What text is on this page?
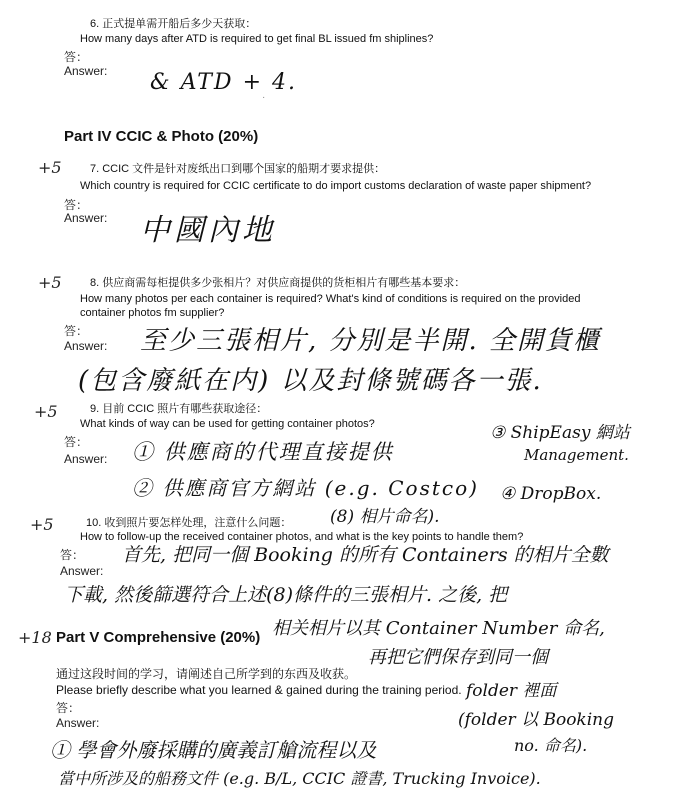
6. 正式提单需开船后多少天获取：
How many days after ATD is required to get final BL issued fm shiplines?
答：
Answer: & ATD + 4.
·
Part IV CCIC & Photo (20%)
+5	7. CCIC 文件是针对废纸出口到哪个国家的船期才要求提供：
Which country is required for CCIC certificate to do import customs declaration of waste paper shipment?
答：
Answer: 中國內地
+5	8. 供应商需每柜提供多少张相片？对供应商提供的货柜相片有哪些基本要求：
How many photos per each container is required? What's kind of conditions is required on the provided
container photos fm supplier?
答：
Answer: 至少三張相片, 分別是半開. 全開貨櫃
(包含廢紙在内) 以及封條號碼各一張.
+5	9. 目前 CCIC 照片有哪些获取途径：
What kinds of way can be used for getting container photos?
答：
Answer: ① 供應商的代理直接提供
② 供應商官方網站 (e.g. Costco)
③ ShipEasy 網站
Management.
④ DropBox.
+5	10. 收到照片要怎样处理，注意什么问题：
How to follow-up the received container photos, and what is the key points to handle them?
(8) 相片命名).
答：
Answer:
首先, 把同一個 Booking 的所有 Containers 的相片全數
下載, 然後篩選符合上述(8)條件的三張相片. 之後, 把
相关相片以其 Container Number 命名,
再把它們保存到同一個
folder 裡面
(folder 以 Booking
no. 命名).
+18 Part V Comprehensive (20%)
通过这段时间的学习，请阐述自己所学到的东西及收获。
Please briefly describe what you learned & gained during the training period.
答：
Answer:
① 學會外廢採購的廣義訂艙流程以及
當中所涉及的船務文件 (e.g. B/L, CCIC 證書, Trucking Invoice).
